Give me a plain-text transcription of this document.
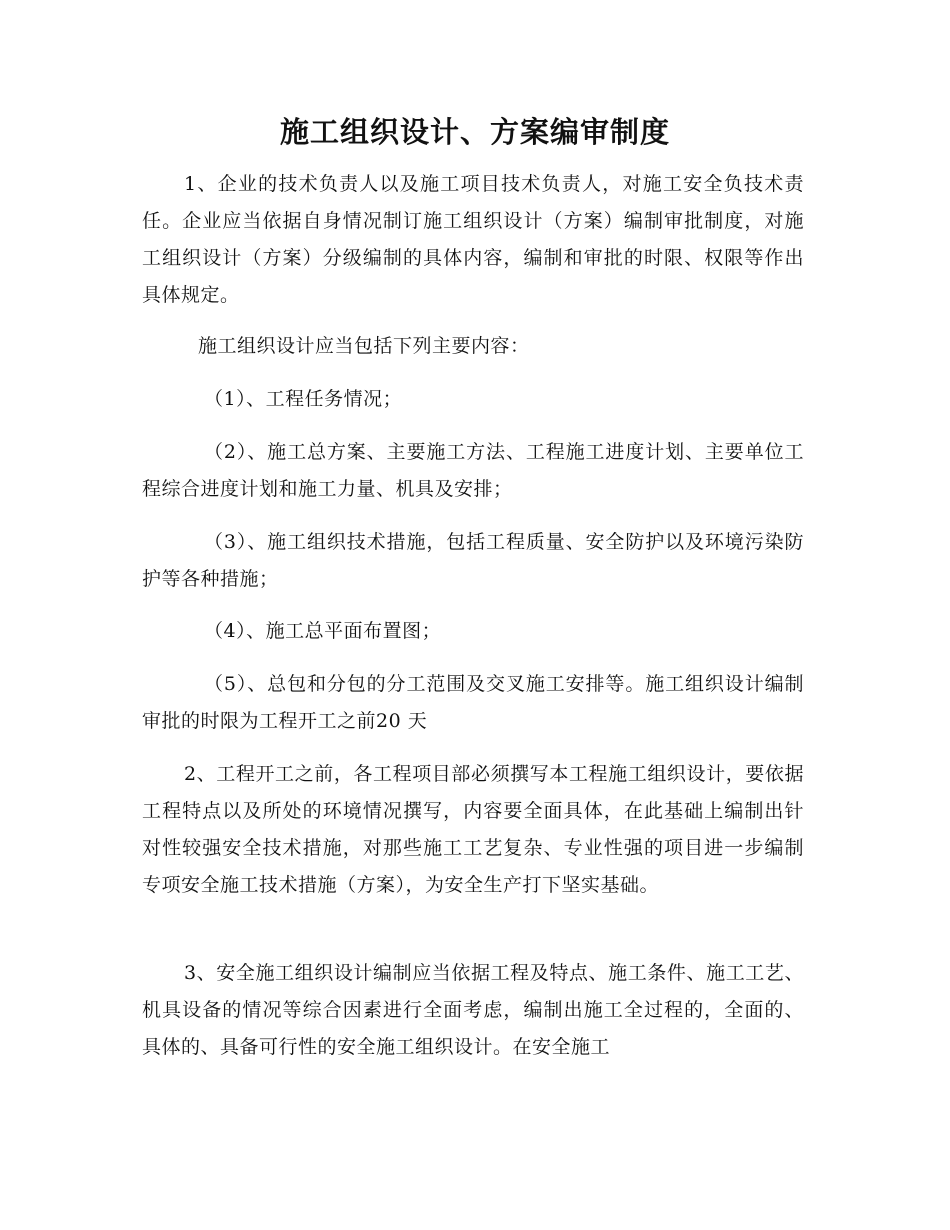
施工组织设计、方案编审制度

1、企业的技术负责人以及施工项目技术负责人，对施工安全负技术责任。企业应当依据自身情况制订施工组织设计（方案）编制审批制度，对施工组织设计（方案）分级编制的具体内容，编制和审批的时限、权限等作出具体规定。

施工组织设计应当包括下列主要内容：

（1）、工程任务情况；

（2）、施工总方案、主要施工方法、工程施工进度计划、主要单位工程综合进度计划和施工力量、机具及安排；

（3）、施工组织技术措施，包括工程质量、安全防护以及环境污染防护等各种措施；

（4）、施工总平面布置图；

（5）、总包和分包的分工范围及交叉施工安排等。施工组织设计编制审批的时限为工程开工之前20 天

2、工程开工之前，各工程项目部必须撰写本工程施工组织设计，要依据工程特点以及所处的环境情况撰写，内容要全面具体，在此基础上编制出针对性较强安全技术措施，对那些施工工艺复杂、专业性强的项目进一步编制专项安全施工技术措施（方案），为安全生产打下坚实基础。

3、安全施工组织设计编制应当依据工程及特点、施工条件、施工工艺、机具设备的情况等综合因素进行全面考虑，编制出施工全过程的，全面的、具体的、具备可行性的安全施工组织设计。在安全施工
